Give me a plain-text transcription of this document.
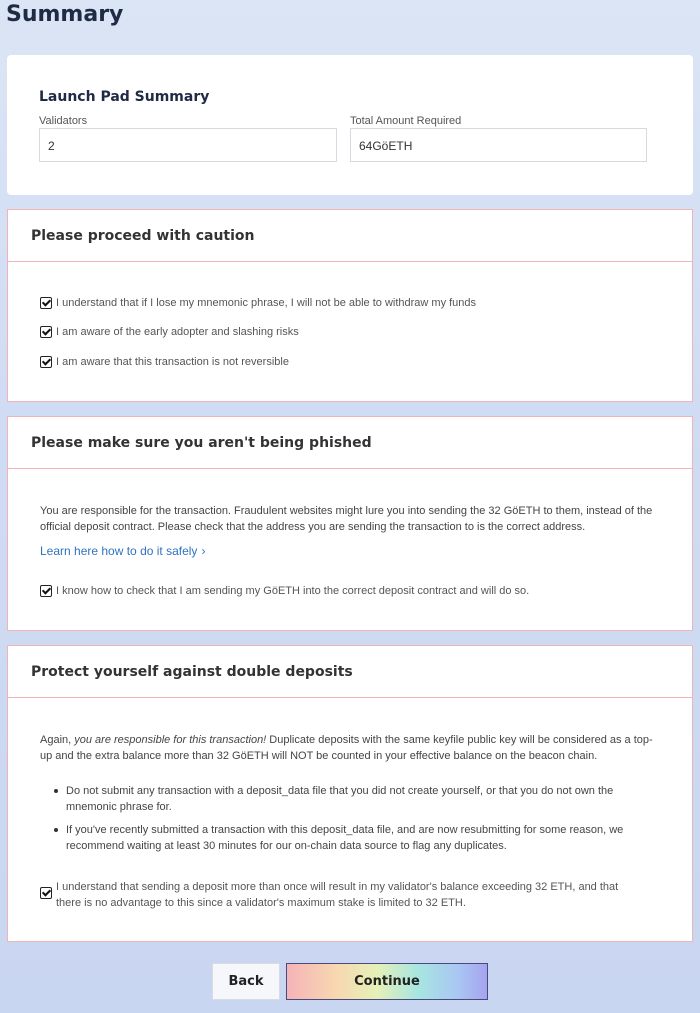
Summary
Launch Pad Summary
Validators
2
Total Amount Required
64GöETH
Please proceed with caution
I understand that if I lose my mnemonic phrase, I will not be able to withdraw my funds
I am aware of the early adopter and slashing risks
I am aware that this transaction is not reversible
Please make sure you aren't being phished
You are responsible for the transaction. Fraudulent websites might lure you into sending the 32 GöETH to them, instead of the official deposit contract. Please check that the address you are sending the transaction to is the correct address.
Learn here how to do it safely ›
I know how to check that I am sending my GöETH into the correct deposit contract and will do so.
Protect yourself against double deposits
Again, you are responsible for this transaction! Duplicate deposits with the same keyfile public key will be considered as a top-up and the extra balance more than 32 GöETH will NOT be counted in your effective balance on the beacon chain.
Do not submit any transaction with a deposit_data file that you did not create yourself, or that you do not own the mnemonic phrase for.
If you've recently submitted a transaction with this deposit_data file, and are now resubmitting for some reason, we recommend waiting at least 30 minutes for our on-chain data source to flag any duplicates.
I understand that sending a deposit more than once will result in my validator's balance exceeding 32 ETH, and that there is no advantage to this since a validator's maximum stake is limited to 32 ETH.
Back	Continue
